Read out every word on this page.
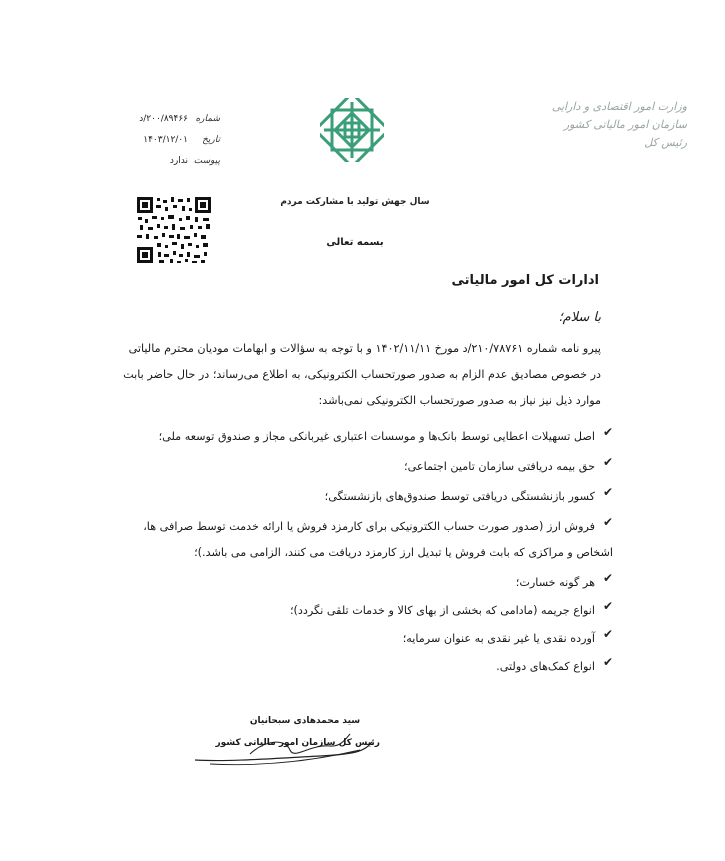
وزارت امور اقتصادی و دارایی
سازمان امور مالیاتی کشور
رئیس کل
سال جهش تولید با مشارکت مردم
بسمه تعالی
شماره
۲۰۰/۸۹۴۶۶/د
تاریخ
۱۴۰۳/۱۲/۰۱
پیوست
ندارد
ادارات کل امور مالیاتی
با سلام؛
پیرو نامه شماره ۲۱۰/۷۸۷۶۱/د مورخ ۱۴۰۲/۱۱/۱۱ و با توجه به سؤالات و ابهامات مودیان محترم مالیاتی
در خصوص مصادیق عدم الزام به صدور صورتحساب الکترونیکی، به اطلاع می‌رساند؛ در حال حاضر بابت
موارد ذیل نیز نیاز به صدور صورتحساب الکترونیکی نمی‌باشد:
✔
اصل تسهیلات اعطایی توسط بانک‌ها و موسسات اعتباری غیربانکی مجاز و صندوق توسعه ملی؛
✔
حق بیمه دریافتی سازمان تامین اجتماعی؛
✔
کسور بازنشستگی دریافتی توسط صندوق‌های بازنشستگی؛
✔
فروش ارز (صدور صورت حساب الکترونیکی برای کارمزد فروش یا ارائه خدمت توسط صرافی ها،
اشخاص و مراکزی که بابت فروش یا تبدیل ارز کارمزد دریافت می کنند، الزامی می باشد.)؛
✔
هر گونه خسارت؛
✔
انواع جریمه (مادامی که بخشی از بهای کالا و خدمات تلقی نگردد)؛
✔
آورده نقدی یا غیر نقدی به عنوان سرمایه؛
✔
انواع کمک‌های دولتی.
سید محمدهادی سبحانیان
رئیس کل سازمان امور مالیاتی کشور
